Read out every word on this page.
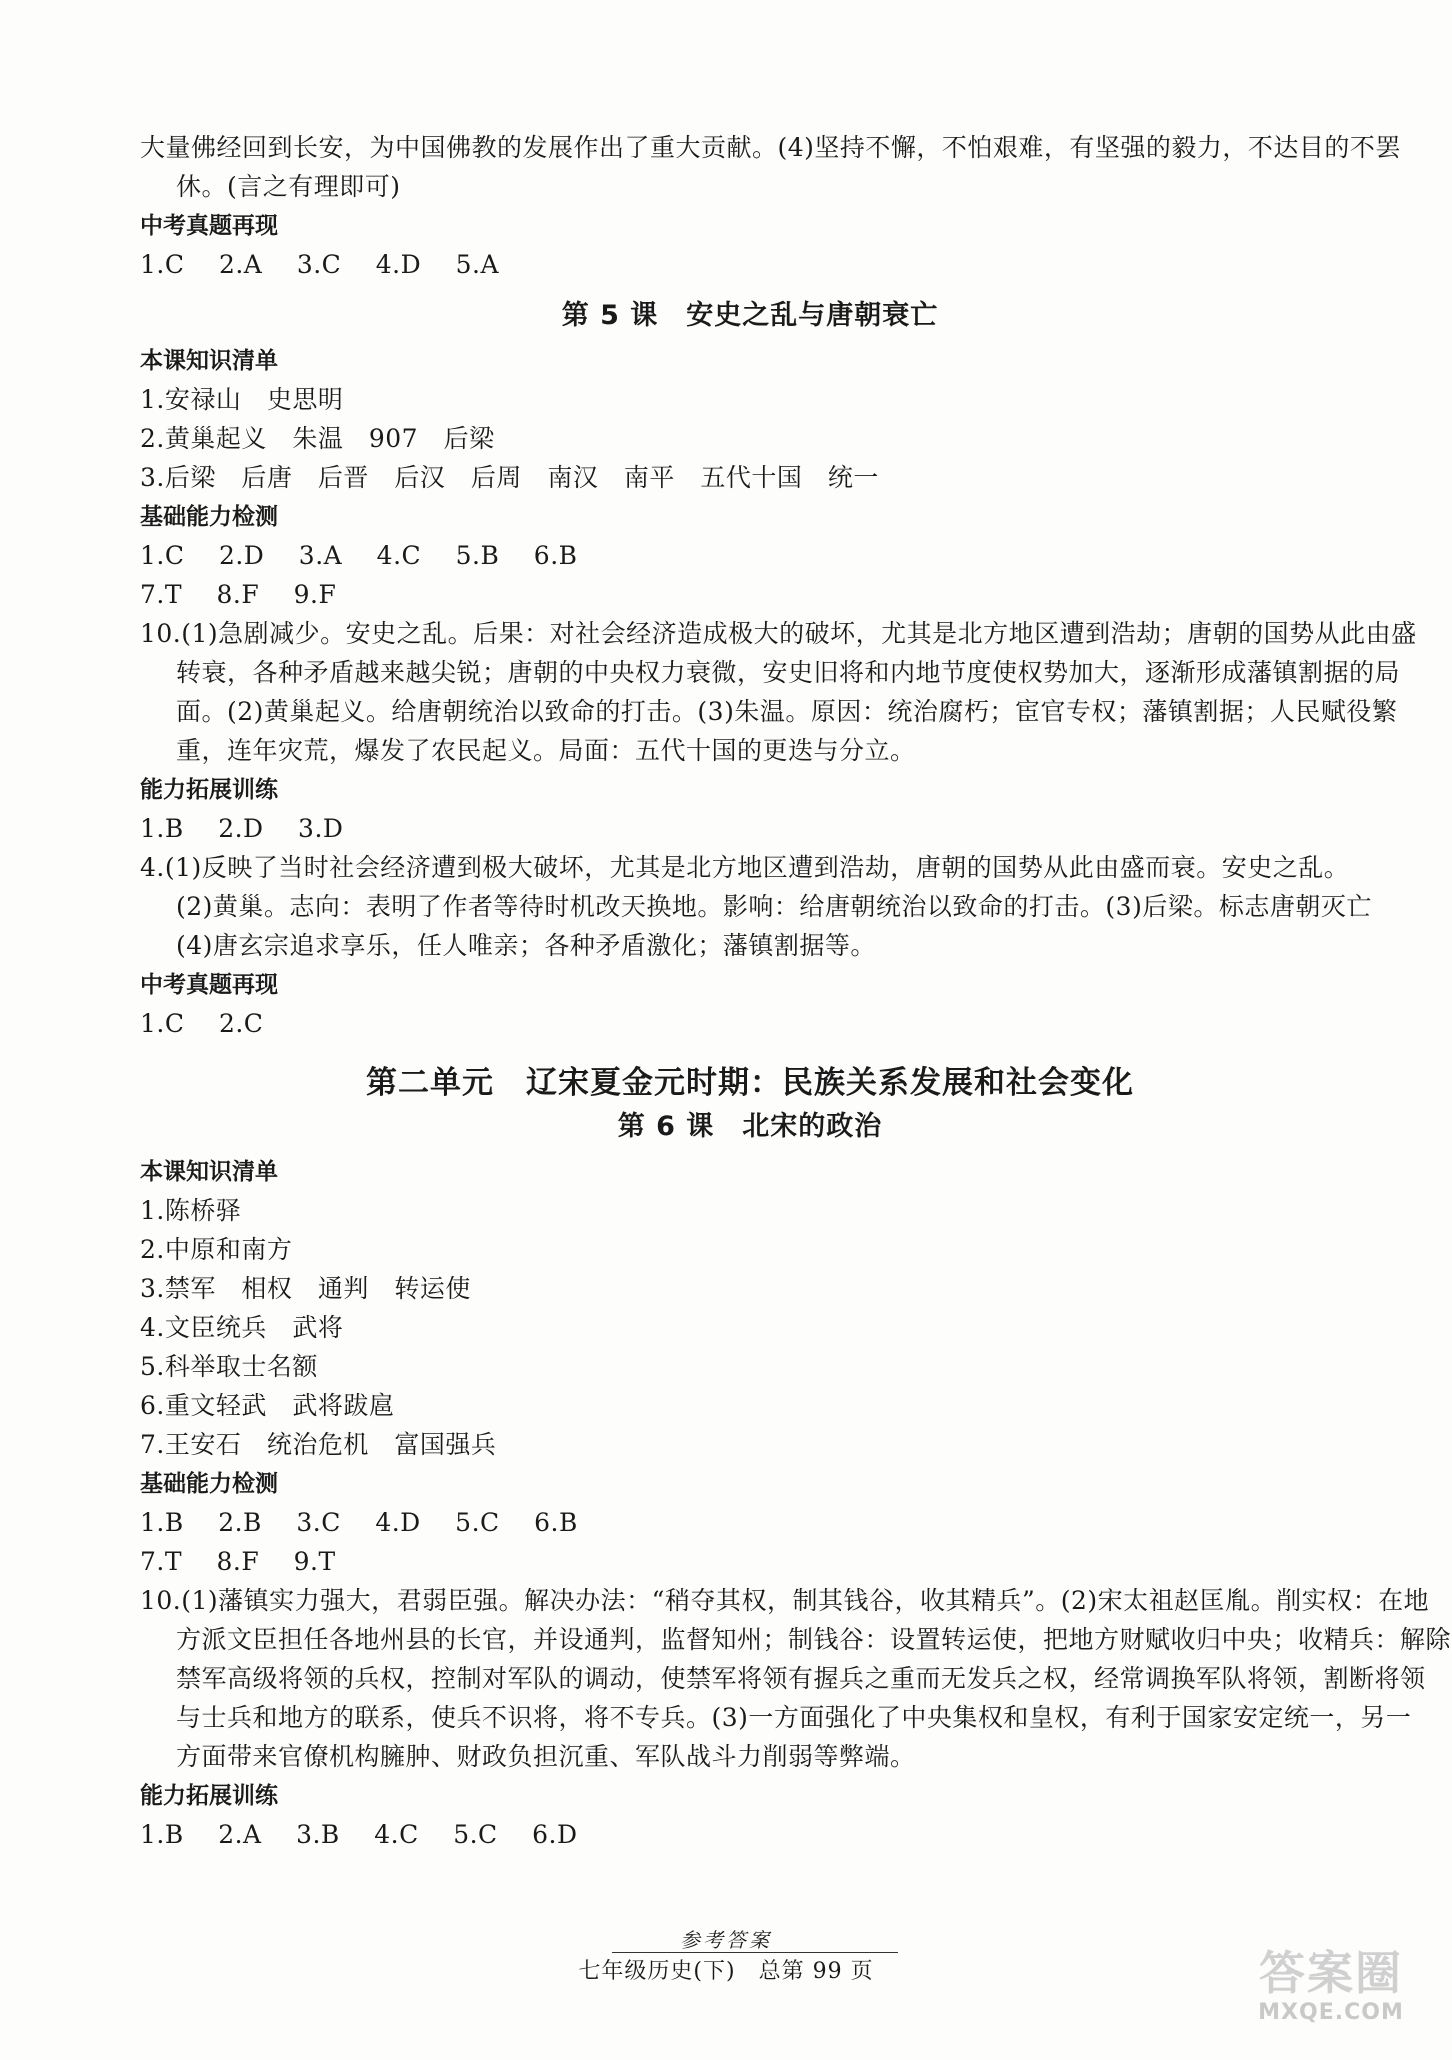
大量佛经回到长安，为中国佛教的发展作出了重大贡献。(4)坚持不懈，不怕艰难，有坚强的毅力，不达目的不罢
休。(言之有理即可)
中考真题再现
1.C 2.A 3.C 4.D 5.A
第 5 课　安史之乱与唐朝衰亡
本课知识清单
1.安禄山　史思明
2.黄巢起义　朱温　907　后梁
3.后梁　后唐　后晋　后汉　后周　南汉　南平　五代十国　统一
基础能力检测
1.C 2.D 3.A 4.C 5.B 6.B
7.T 8.F 9.F
10.(1)急剧减少。安史之乱。后果：对社会经济造成极大的破坏，尤其是北方地区遭到浩劫；唐朝的国势从此由盛
转衰，各种矛盾越来越尖锐；唐朝的中央权力衰微，安史旧将和内地节度使权势加大，逐渐形成藩镇割据的局
面。(2)黄巢起义。给唐朝统治以致命的打击。(3)朱温。原因：统治腐朽；宦官专权；藩镇割据；人民赋役繁
重，连年灾荒，爆发了农民起义。局面：五代十国的更迭与分立。
能力拓展训练
1.B 2.D 3.D
4.(1)反映了当时社会经济遭到极大破坏，尤其是北方地区遭到浩劫，唐朝的国势从此由盛而衰。安史之乱。
(2)黄巢。志向：表明了作者等待时机改天换地。影响：给唐朝统治以致命的打击。(3)后梁。标志唐朝灭亡
(4)唐玄宗追求享乐，任人唯亲；各种矛盾激化；藩镇割据等。
中考真题再现
1.C 2.C
第二单元　辽宋夏金元时期：民族关系发展和社会变化
第 6 课　北宋的政治
本课知识清单
1.陈桥驿
2.中原和南方
3.禁军　相权　通判　转运使
4.文臣统兵　武将
5.科举取士名额
6.重文轻武　武将跋扈
7.王安石　统治危机　富国强兵
基础能力检测
1.B 2.B 3.C 4.D 5.C 6.B
7.T 8.F 9.T
10.(1)藩镇实力强大，君弱臣强。解决办法：“稍夺其权，制其钱谷，收其精兵”。(2)宋太祖赵匡胤。削实权：在地
方派文臣担任各地州县的长官，并设通判，监督知州；制钱谷：设置转运使，把地方财赋收归中央；收精兵：解除
禁军高级将领的兵权，控制对军队的调动，使禁军将领有握兵之重而无发兵之权，经常调换军队将领，割断将领
与士兵和地方的联系，使兵不识将，将不专兵。(3)一方面强化了中央集权和皇权，有利于国家安定统一，另一
方面带来官僚机构臃肿、财政负担沉重、军队战斗力削弱等弊端。
能力拓展训练
1.B 2.A 3.B 4.C 5.C 6.D
参考答案
七年级历史(下)　总第 99 页	答案圈
MXQE.COM
